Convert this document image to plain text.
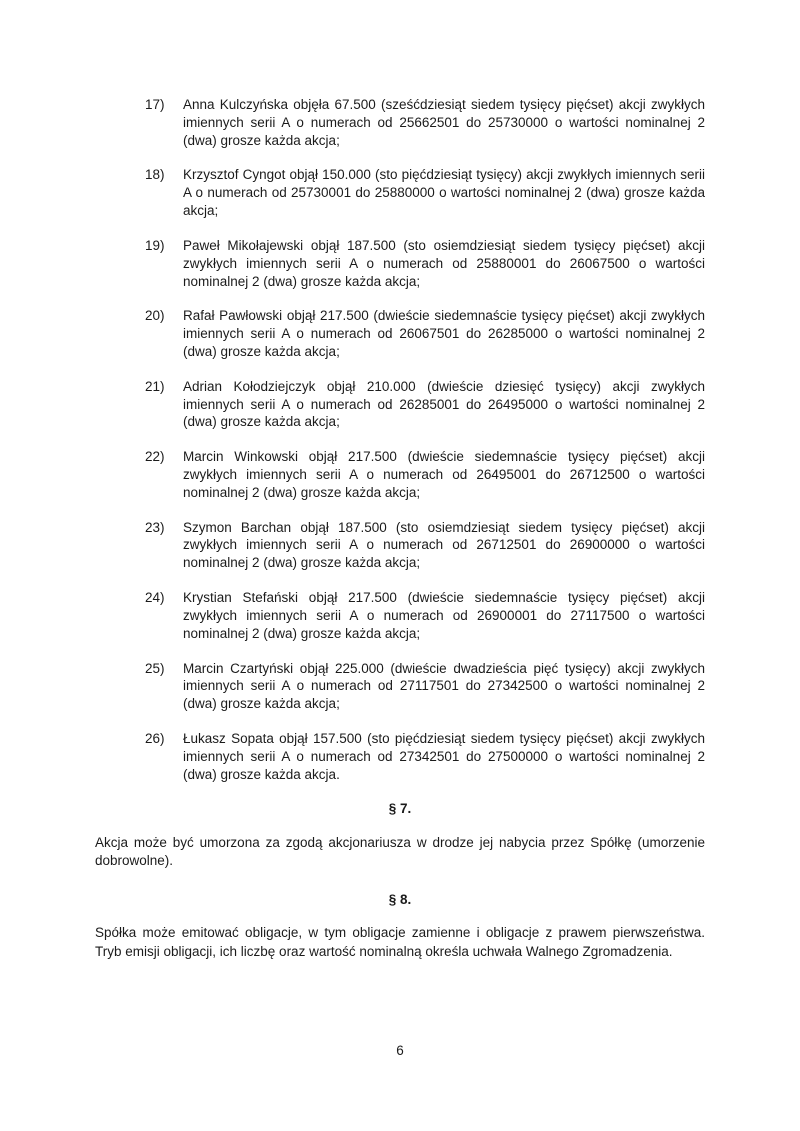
17)	Anna Kulczyńska objęła 67.500 (sześćdziesiąt siedem tysięcy pięćset) akcji zwykłych imiennych serii A o numerach od 25662501 do 25730000 o wartości nominalnej 2 (dwa) grosze każda akcja;
18)	Krzysztof Cyngot objął 150.000 (sto pięćdziesiąt tysięcy) akcji zwykłych imiennych serii A o numerach od 25730001 do 25880000 o wartości nominalnej 2 (dwa) grosze każda akcja;
19)	Paweł Mikołajewski objął 187.500 (sto osiemdziesiąt siedem tysięcy pięćset) akcji zwykłych imiennych serii A o numerach od 25880001 do 26067500 o wartości nominalnej 2 (dwa) grosze każda akcja;
20)	Rafał Pawłowski objął 217.500 (dwieście siedemnaście tysięcy pięćset) akcji zwykłych imiennych serii A o numerach od 26067501 do 26285000 o wartości nominalnej 2 (dwa) grosze każda akcja;
21)	Adrian Kołodziejczyk objął 210.000 (dwieście dziesięć tysięcy) akcji zwykłych imiennych serii A o numerach od 26285001 do 26495000 o wartości nominalnej 2 (dwa) grosze każda akcja;
22)	Marcin Winkowski objął 217.500 (dwieście siedemnaście tysięcy pięćset) akcji zwykłych imiennych serii A o numerach od 26495001 do 26712500 o wartości nominalnej 2 (dwa) grosze każda akcja;
23)	Szymon Barchan objął 187.500 (sto osiemdziesiąt siedem tysięcy pięćset) akcji zwykłych imiennych serii A o numerach od 26712501 do 26900000 o wartości nominalnej 2 (dwa) grosze każda akcja;
24)	Krystian Stefański objął 217.500 (dwieście siedemnaście tysięcy pięćset) akcji zwykłych imiennych serii A o numerach od 26900001 do 27117500 o wartości nominalnej 2 (dwa) grosze każda akcja;
25)	Marcin Czartyński objął 225.000 (dwieście dwadzieścia pięć tysięcy) akcji zwykłych imiennych serii A o numerach od 27117501 do 27342500 o wartości nominalnej 2 (dwa) grosze każda akcja;
26)	Łukasz Sopata objął 157.500 (sto pięćdziesiąt siedem tysięcy pięćset) akcji zwykłych imiennych serii A o numerach od 27342501 do 27500000 o wartości nominalnej 2 (dwa) grosze każda akcja.
§ 7.

Akcja może być umorzona za zgodą akcjonariusza w drodze jej nabycia przez Spółkę (umorzenie dobrowolne).

§ 8.

Spółka może emitować obligacje, w tym obligacje zamienne i obligacje z prawem pierwszeństwa. Tryb emisji obligacji, ich liczbę oraz wartość nominalną określa uchwała Walnego Zgromadzenia.

6
